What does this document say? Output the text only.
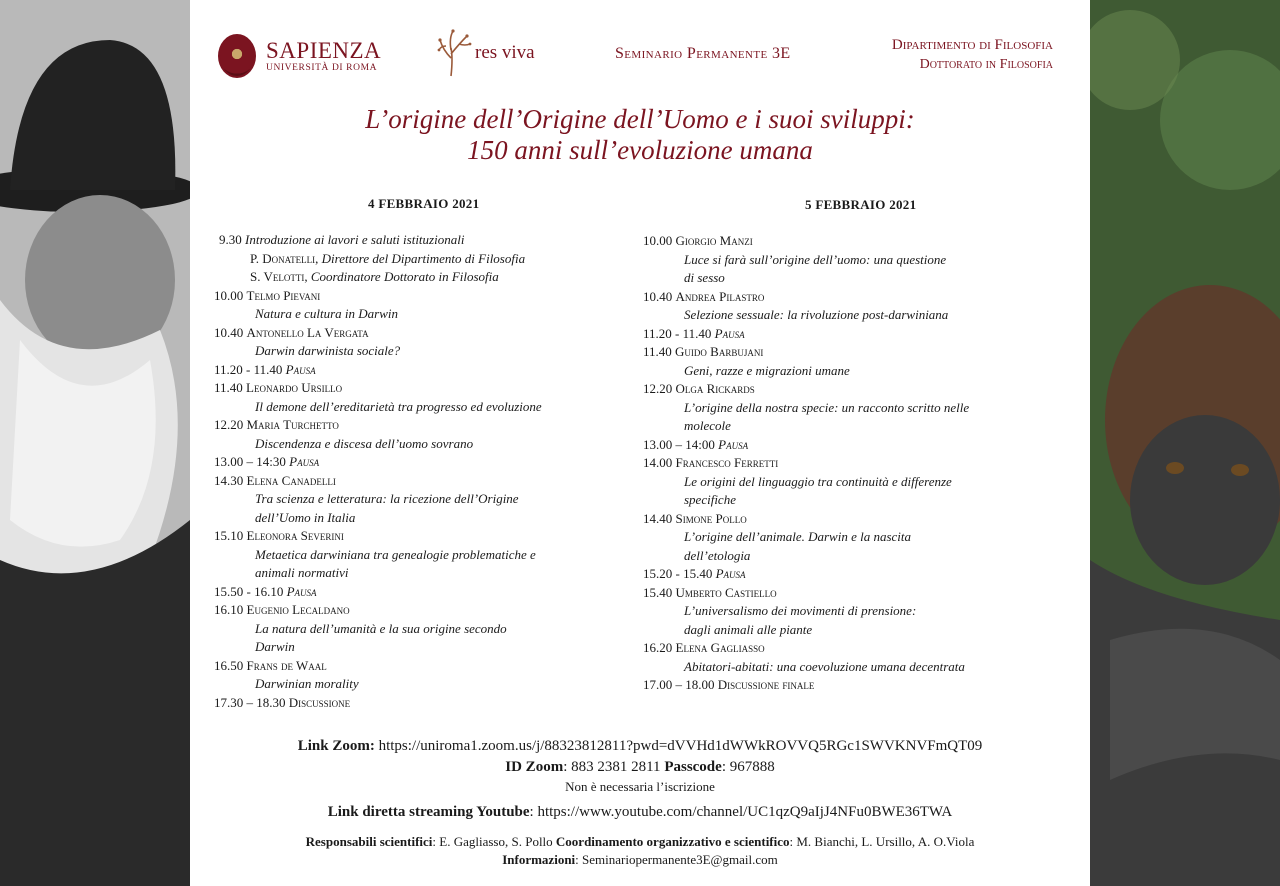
SAPIENZA
UNIVERSITÀ DI ROMA
res viva	Seminario Permanente 3E	Dipartimento di Filosofia
Dottorato in Filosofia
L’origine dell’Origine dell’Uomo e i suoi sviluppi:
150 anni sull’evoluzione umana
4 FEBBRAIO 2021	5 FEBBRAIO 2021
9.30 Introduzione ai lavori e saluti istituzionali
P. Donatelli, Direttore del Dipartimento di Filosofia
S. Velotti, Coordinatore Dottorato in Filosofia
10.00 Telmo Pievani
Natura e cultura in Darwin
10.40 Antonello La Vergata
Darwin darwinista sociale?
11.20 - 11.40 Pausa
11.40 Leonardo Ursillo
Il demone dell’ereditarietà tra progresso ed evoluzione
12.20 Maria Turchetto
Discendenza e discesa dell’uomo sovrano
13.00 – 14:30 Pausa
14.30 Elena Canadelli
Tra scienza e letteratura: la ricezione dell’Origine
dell’Uomo in Italia
15.10 Eleonora Severini
Metaetica darwiniana tra genealogie problematiche e
animali normativi
15.50 - 16.10 Pausa
16.10 Eugenio Lecaldano
La natura dell’umanità e la sua origine secondo
Darwin
16.50 Frans de Waal
Darwinian morality
17.30 – 18.30 Discussione
10.00 Giorgio Manzi
Luce si farà sull’origine dell’uomo: una questione
di sesso
10.40 Andrea Pilastro
Selezione sessuale: la rivoluzione post-darwiniana
11.20 - 11.40 Pausa
11.40 Guido Barbujani
Geni, razze e migrazioni umane
12.20 Olga Rickards
L’origine della nostra specie: un racconto scritto nelle
molecole
13.00 – 14:00 Pausa
14.00 Francesco Ferretti
Le origini del linguaggio tra continuità e differenze
specifiche
14.40 Simone Pollo
L’origine dell’animale. Darwin e la nascita
dell’etologia
15.20 - 15.40 Pausa
15.40 Umberto Castiello
L’universalismo dei movimenti di prensione:
dagli animali alle piante
16.20 Elena Gagliasso
Abitatori-abitati: una coevoluzione umana decentrata
17.00 – 18.00 Discussione finale
Link Zoom: https://uniroma1.zoom.us/j/88323812811?pwd=dVVHd1dWWkROVVQ5RGc1SWVKNVFmQT09
ID Zoom: 883 2381 2811 Passcode: 967888
Non è necessaria l’iscrizione
Link diretta streaming Youtube: https://www.youtube.com/channel/UC1qzQ9aIjJ4NFu0BWE36TWA
Responsabili scientifici: E. Gagliasso, S. Pollo Coordinamento organizzativo e scientifico: M. Bianchi, L. Ursillo, A. O.Viola
Informazioni: Seminariopermanente3E@gmail.com
